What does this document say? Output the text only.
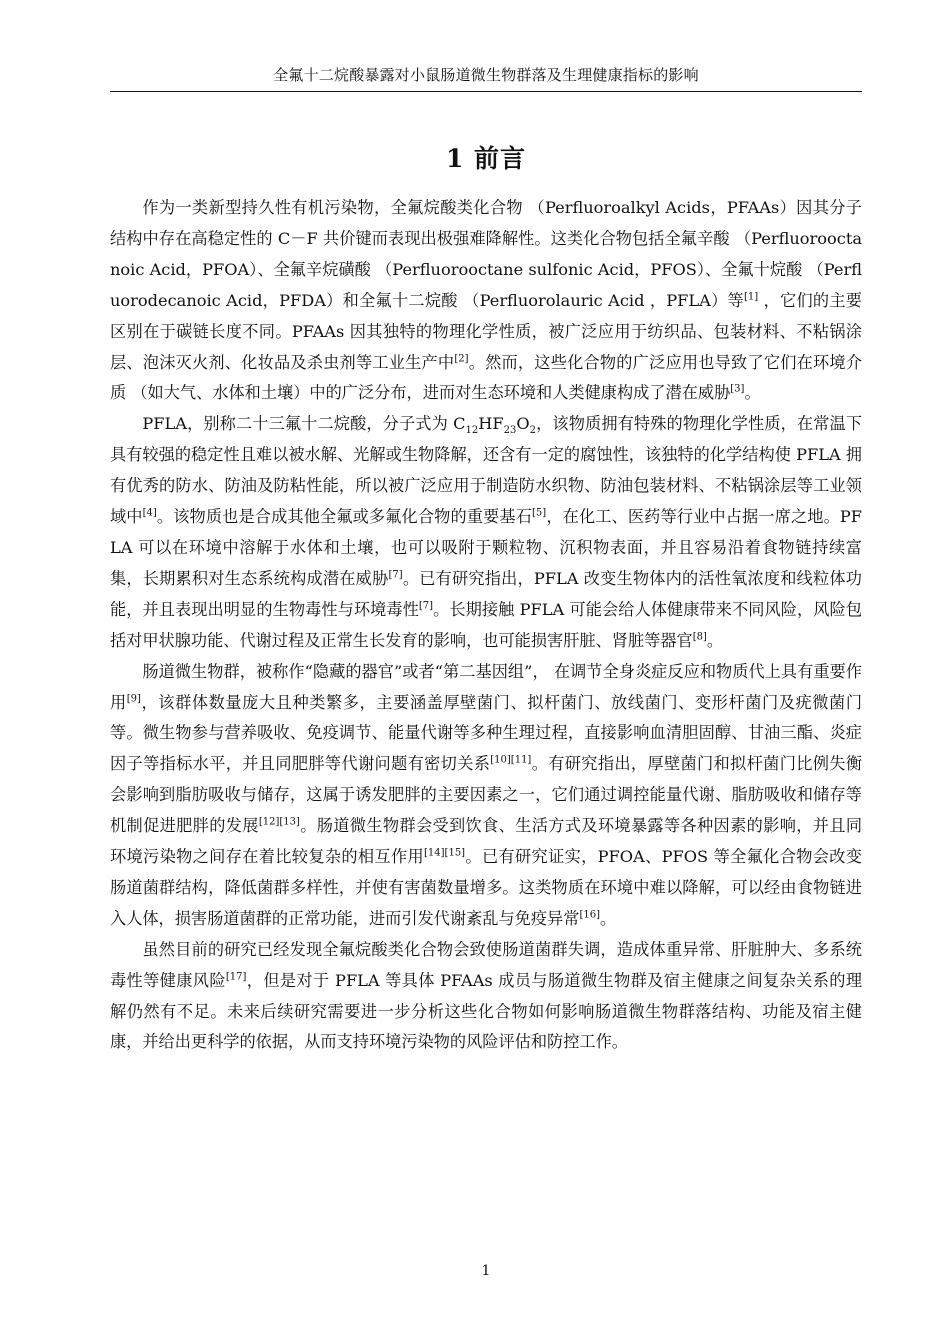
全氟十二烷酸暴露对小鼠肠道微生物群落及生理健康指标的影响
1 前言

作为一类新型持久性有机污染物，全氟烷酸类化合物 （Perfluoroalkyl Acids，PFAAs）因其分子结构中存在高稳定性的 C－F 共价键而表现出极强难降解性。这类化合物包括全氟辛酸 （Perfluorooctanoic Acid，PFOA）、全氟辛烷磺酸 （Perfluorooctane sulfonic Acid，PFOS）、全氟十烷酸 （Perfluorodecanoic Acid，PFDA）和全氟十二烷酸 （Perfluorolauric Acid ，PFLA）等[1] ，它们的主要区别在于碳链长度不同。PFAAs 因其独特的物理化学性质，被广泛应用于纺织品、包装材料、不粘锅涂层、泡沫灭火剂、化妆品及杀虫剂等工业生产中[2]。然而，这些化合物的广泛应用也导致了它们在环境介质 （如大气、水体和土壤）中的广泛分布，进而对生态环境和人类健康构成了潜在威胁[3]。

PFLA，别称二十三氟十二烷酸，分子式为 $C_{12}HF_{23}O_2$，该物质拥有特殊的物理化学性质，在常温下具有较强的稳定性且难以被水解、光解或生物降解，还含有一定的腐蚀性，该独特的化学结构使 PFLA 拥有优秀的防水、防油及防粘性能，所以被广泛应用于制造防水织物、防油包装材料、不粘锅涂层等工业领域中[4]。该物质也是合成其他全氟或多氟化合物的重要基石[5]，在化工、医药等行业中占据一席之地。PFLA 可以在环境中溶解于水体和土壤，也可以吸附于颗粒物、沉积物表面，并且容易沿着食物链持续富集，长期累积对生态系统构成潜在威胁[7]。已有研究指出，PFLA 改变生物体内的活性氧浓度和线粒体功能，并且表现出明显的生物毒性与环境毒性[7]。长期接触 PFLA 可能会给人体健康带来不同风险，风险包括对甲状腺功能、代谢过程及正常生长发育的影响，也可能损害肝脏、肾脏等器官[8]。

肠道微生物群，被称作“隐藏的器官”或者“第二基因组”， 在调节全身炎症反应和物质代上具有重要作用[9]，该群体数量庞大且种类繁多，主要涵盖厚壁菌门、拟杆菌门、放线菌门、变形杆菌门及疣微菌门等。微生物参与营养吸收、免疫调节、能量代谢等多种生理过程，直接影响血清胆固醇、甘油三酯、炎症因子等指标水平，并且同肥胖等代谢问题有密切关系[10][11]。有研究指出，厚壁菌门和拟杆菌门比例失衡会影响到脂肪吸收与储存，这属于诱发肥胖的主要因素之一，它们通过调控能量代谢、脂肪吸收和储存等机制促进肥胖的发展[12][13]。肠道微生物群会受到饮食、生活方式及环境暴露等各种因素的影响，并且同环境污染物之间存在着比较复杂的相互作用[14][15]。已有研究证实，PFOA、PFOS 等全氟化合物会改变肠道菌群结构，降低菌群多样性，并使有害菌数量增多。这类物质在环境中难以降解，可以经由食物链进入人体，损害肠道菌群的正常功能，进而引发代谢紊乱与免疫异常[16]。

虽然目前的研究已经发现全氟烷酸类化合物会致使肠道菌群失调，造成体重异常、肝脏肿大、多系统毒性等健康风险[17]，但是对于 PFLA 等具体 PFAAs 成员与肠道微生物群及宿主健康之间复杂关系的理解仍然有不足。未来后续研究需要进一步分析这些化合物如何影响肠道微生物群落结构、功能及宿主健康，并给出更科学的依据，从而支持环境污染物的风险评估和防控工作。

1
